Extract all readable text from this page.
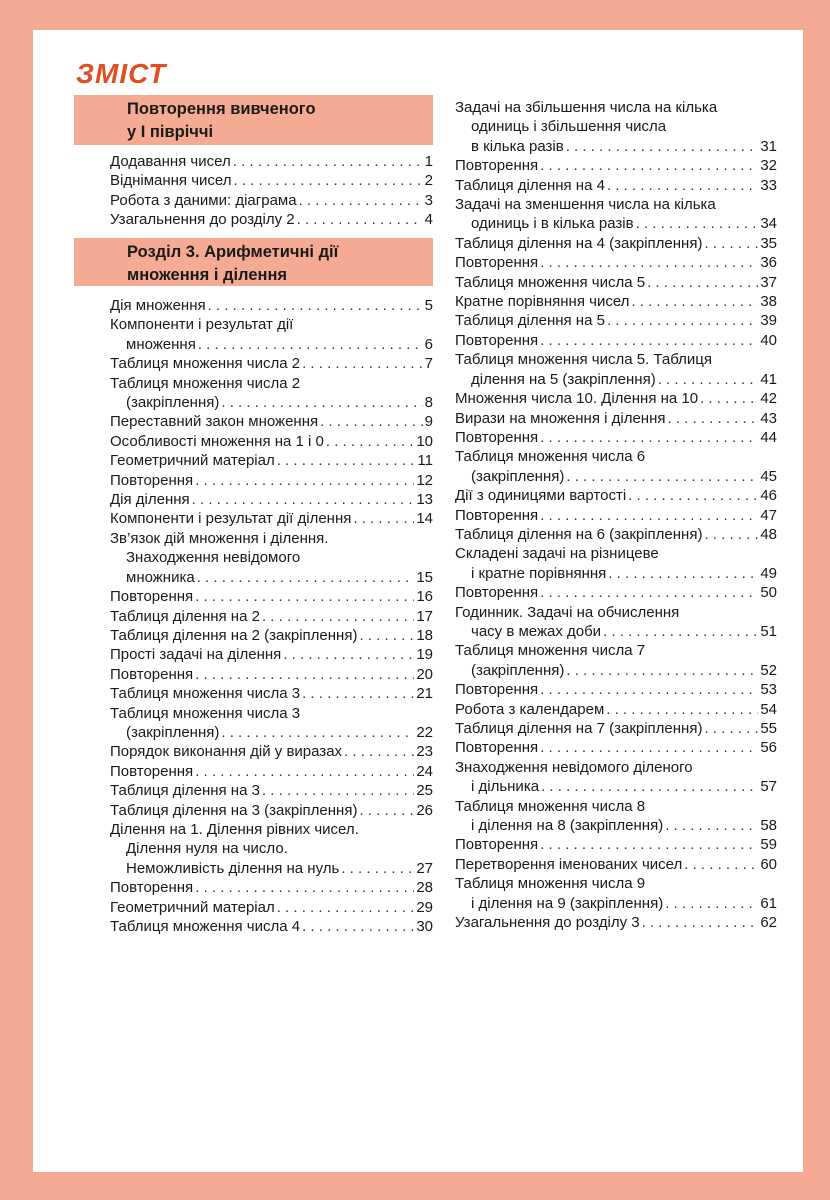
ЗМІСТ
Повторення вивченого
у І півріччі
Додавання чисел . . .	1
Віднімання чисел . . .	2
Робота з даними: діаграма . . .	3
Узагальнення до розділу 2 . . .	4
Розділ 3. Арифметичні дії
множення і ділення
Дія множення . . .	5
Компоненти і результат дії
множення . . .	6
Таблиця множення числа 2 . . .	7
Таблиця множення числа 2
(закріплення) . . .	8
Переставний закон множення . . .	9
Особливості множення на 1 і 0 . . .	10
Геометричний матеріал . . .	11
Повторення . . .	12
Дія ділення . . .	13
Компоненти і результат дії ділення . . .	14
Зв’язок дій множення і ділення.
Знаходження невідомого
множника . . .	15
Повторення . . .	16
Таблиця ділення на 2 . . .	17
Таблиця ділення на 2 (закріплення) . . .	18
Прості задачі на ділення . . .	19
Повторення . . .	20
Таблиця множення числа 3 . . .	21
Таблиця множення числа 3
(закріплення) . . .	22
Порядок виконання дій у виразах . . .	23
Повторення . . .	24
Таблиця ділення на 3 . . .	25
Таблиця ділення на 3 (закріплення) . . .	26
Ділення на 1. Ділення рівних чисел.
Ділення нуля на число.
Неможливість ділення на нуль . . .	27
Повторення . . .	28
Геометричний матеріал . . .	29
Таблиця множення числа 4 . . .	30
Задачі на збільшення числа на кілька
одиниць і збільшення числа
в кілька разів . . .	31
Повторення . . .	32
Таблиця ділення на 4 . . .	33
Задачі на зменшення числа на кілька
одиниць і в кілька разів . . .	34
Таблиця ділення на 4 (закріплення) . . .	35
Повторення . . .	36
Таблиця множення числа 5 . . .	37
Кратне порівняння чисел . . .	38
Таблиця ділення на 5 . . .	39
Повторення . . .	40
Таблиця множення числа 5. Таблиця
ділення на 5 (закріплення) . . .	41
Множення числа 10. Ділення на 10 . . .	42
Вирази на множення і ділення . . .	43
Повторення . . .	44
Таблиця множення числа 6
(закріплення) . . .	45
Дії з одиницями вартості . . .	46
Повторення . . .	47
Таблиця ділення на 6 (закріплення) . . .	48
Складені задачі на різницеве
і кратне порівняння . . .	49
Повторення . . .	50
Годинник. Задачі на обчислення
часу в межах доби . . .	51
Таблиця множення числа 7
(закріплення) . . .	52
Повторення . . .	53
Робота з календарем . . .	54
Таблиця ділення на 7 (закріплення) . . .	55
Повторення . . .	56
Знаходження невідомого діленого
і дільника . . .	57
Таблиця множення числа 8
і ділення на 8 (закріплення) . . .	58
Повторення . . .	59
Перетворення іменованих чисел . . .	60
Таблиця множення числа 9
і ділення на 9 (закріплення) . . .	61
Узагальнення до розділу 3 . . .	62
